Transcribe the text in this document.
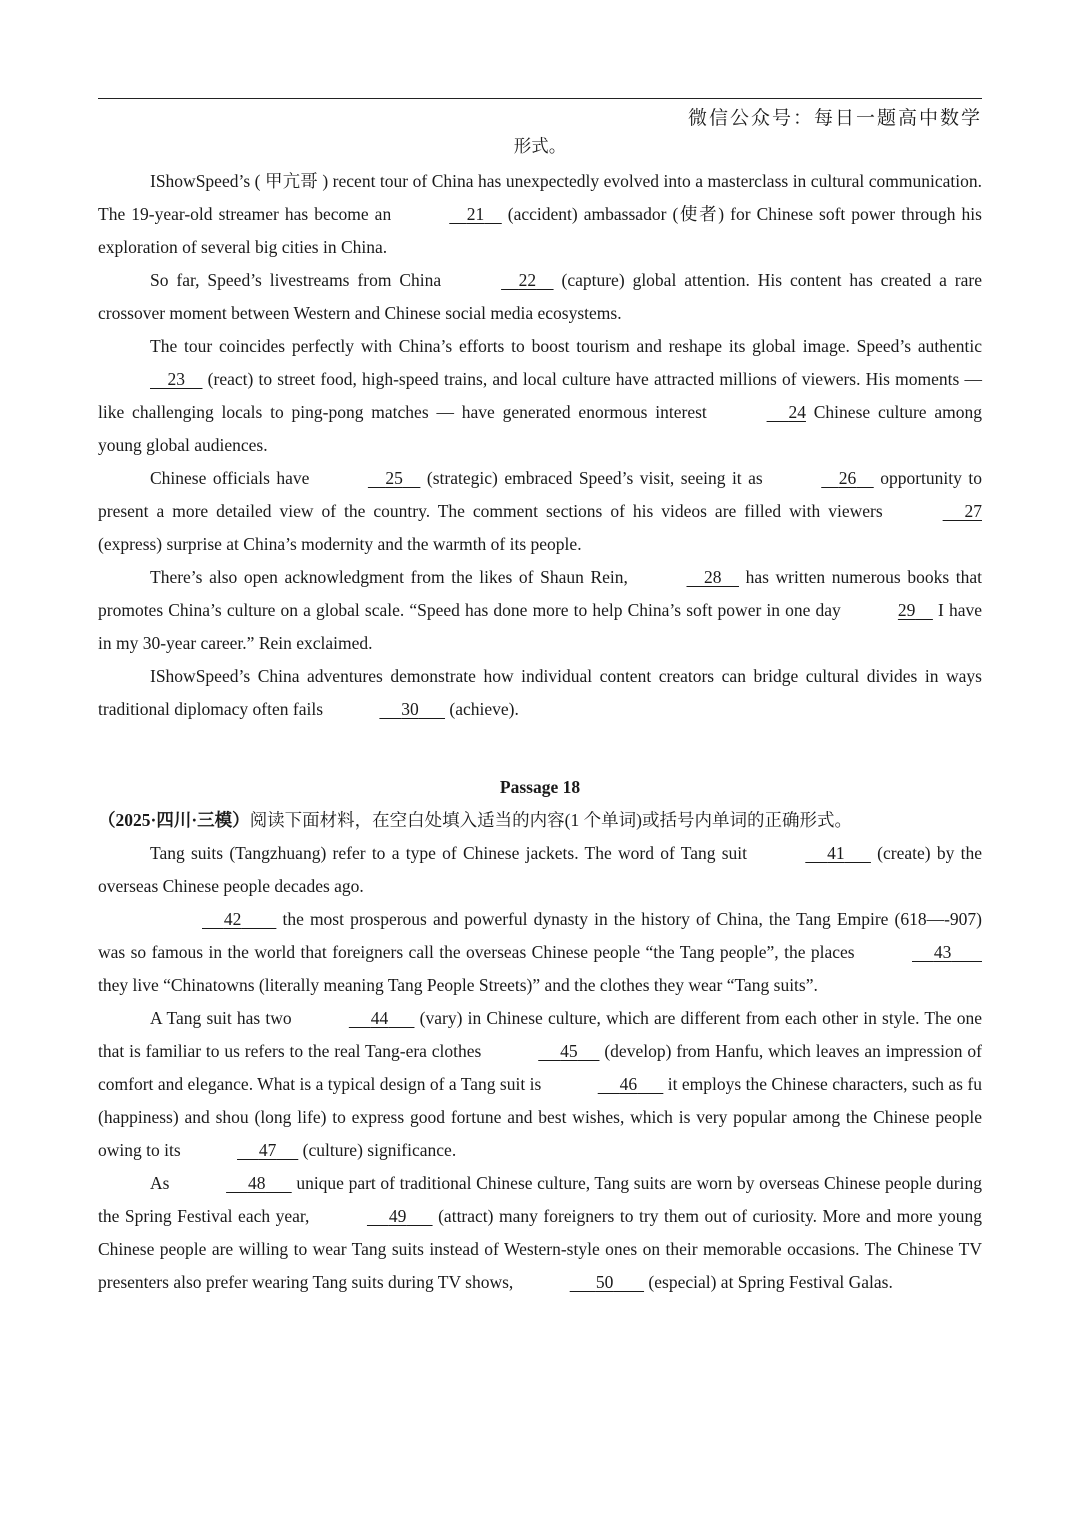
微信公众号：每日一题高中数学
形式。

IShowSpeed’s ( 甲亢哥 ) recent tour of China has unexpectedly evolved into a masterclass in cultural communication. The 19-year-old streamer has become an	21     (accident) ambassador (使者) for Chinese soft power through his exploration of several big cities in China.

So far, Speed’s livestreams from China	22     (capture) global attention. His content has created a rare crossover moment between Western and Chinese social media ecosystems.

The tour coincides perfectly with China’s efforts to boost tourism and reshape its global image. Speed’s authentic     23     (react) to street food, high-speed trains, and local culture have attracted millions of viewers. His moments — like challenging locals to ping-pong matches — have generated enormous interest	24 Chinese culture among young global audiences.

Chinese officials have	25     (strategic) embraced Speed’s visit, seeing it as	26     opportunity to present a more detailed view of the country. The comment sections of his videos are filled with viewers	27 (express) surprise at China’s modernity and the warmth of its people.

There’s also open acknowledgment from the likes of Shaun Rein,	28     has written numerous books that promotes China’s culture on a global scale. “Speed has done more to help China’s soft power in one day	29     I have in my 30-year career.” Rein exclaimed.

IShowSpeed’s China adventures demonstrate how individual content creators can bridge cultural divides in ways traditional diplomacy often fails	30       (achieve).

Passage 18

（2025·四川·三模）阅读下面材料，在空白处填入适当的内容(1 个单词)或括号内单词的正确形式。

Tang suits (Tangzhuang) refer to a type of Chinese jackets. The word of Tang suit	41       (create) by the overseas Chinese people decades ago.

42         the most prosperous and powerful dynasty in the history of China, the Tang Empire (618—-907) was so famous in the world that foreigners call the overseas Chinese people “the Tang people”, the places	43        they live “Chinatowns (literally meaning Tang People Streets)” and the clothes they wear “Tang suits”.

A Tang suit has two	44       (vary) in Chinese culture, which are different from each other in style. The one that is familiar to us refers to the real Tang-era clothes	45      (develop) from Hanfu, which leaves an impression of comfort and elegance. What is a typical design of a Tang suit is	46       it employs the Chinese characters, such as fu (happiness) and shou (long life) to express good fortune and best wishes, which is very popular among the Chinese people owing to its	47      (culture) significance.

As	48       unique part of traditional Chinese culture, Tang suits are worn by overseas Chinese people during the Spring Festival each year,	49       (attract) many foreigners to try them out of curiosity. More and more young Chinese people are willing to wear Tang suits instead of Western-style ones on their memorable occasions. The Chinese TV presenters also prefer wearing Tang suits during TV shows,	50        (especial) at Spring Festival Galas.
